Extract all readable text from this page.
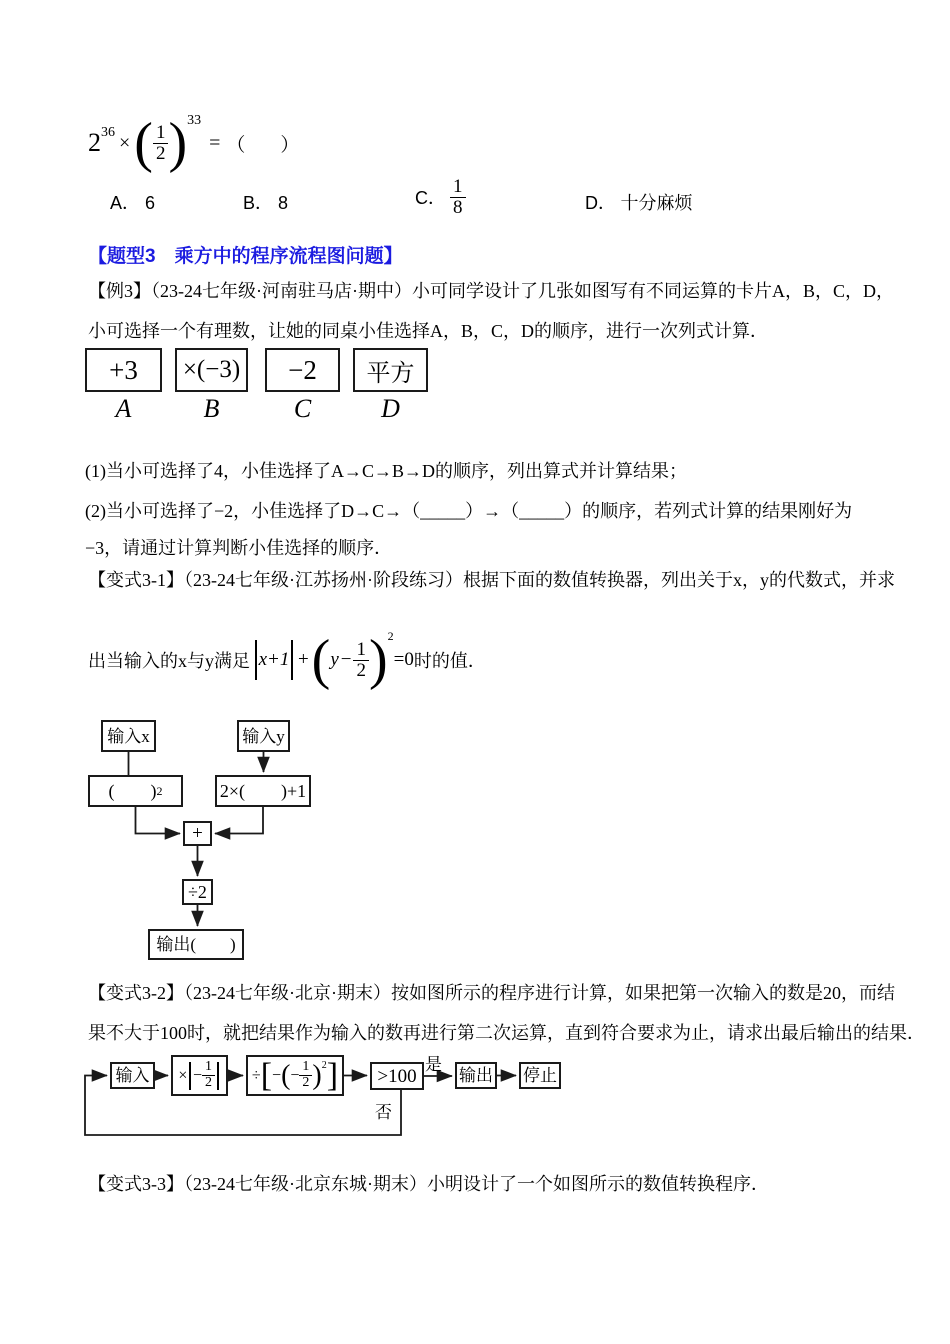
$2^{36}$ × ( $\frac{1}{2} )^{33}$
= （　）
A． 6	B． 8	C． $\frac{1}{8}$	D． 十分麻烦
【题型3　乘方中的程序流程图问题】
【例3】（23-24七年级·河南驻马店·期中）小可同学设计了几张如图写有不同运算的卡片A，B，C，D，
小可选择一个有理数，让她的同桌小佳选择A，B，C，D的顺序，进行一次列式计算．
+3 ×(−3) −2 平方
A	B	C	D
(1)当小可选择了4，小佳选择了A→C→B→D的顺序，列出算式并计算结果；
(2)当小可选择了−2，小佳选择了D→C→（_____）→（_____）的顺序，若列式计算的结果刚好为
−3，请通过计算判断小佳选择的顺序．
【变式3-1】（23-24七年级·江苏扬州·阶段练习）根据下面的数值转换器，列出关于x，y的代数式，并求
出当输入的x与y满足 x+1 + ( $y - \frac{1}{2} )^2$
=0 时的值．
输入x	输入y
(　　) 2	2×(　　)+1
+
÷2
输出(　　)
【变式3-2】（23-24七年级·北京·期末）按如图所示的程序进行计算，如果把第一次输入的数是20，而结
果不大于100时，就把结果作为输入的数再进行第二次运算，直到符合要求为止，请求出最后输出的结果．
输入	× − $\frac{1}{2}$ ÷ [ − ( − $\frac{1}{2} )^2$ ]	>100
是
输出 停止
否
【变式3-3】（23-24七年级·北京东城·期末）小明设计了一个如图所示的数值转换程序．
